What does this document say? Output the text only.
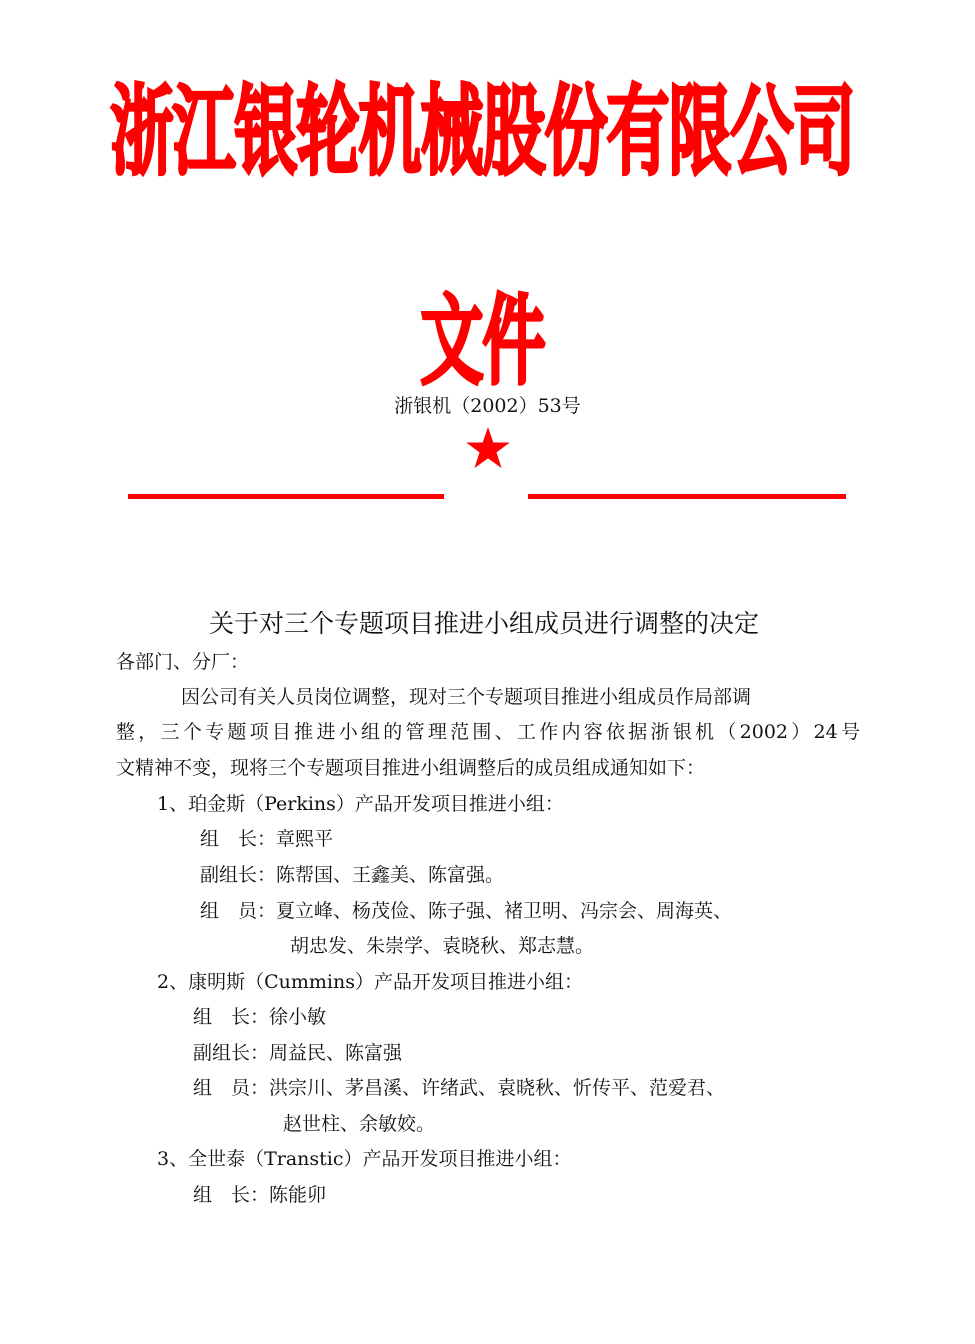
浙江银轮机械股份有限公司文件
浙银机（2002）53号
关于对三个专题项目推进小组成员进行调整的决定
各部门、分厂：
因公司有关人员岗位调整，现对三个专题项目推进小组成员作局部调
整，三个专题项目推进小组的管理范围、工作内容依据浙银机（2002）24号
文精神不变，现将三个专题项目推进小组调整后的成员组成通知如下：
1、珀金斯（Perkins）产品开发项目推进小组：
组　长：章熙平
副组长：陈帮国、王鑫美、陈富强。
组　员：夏立峰、杨茂俭、陈子强、褚卫明、冯宗会、周海英、
胡忠发、朱崇学、袁晓秋、郑志慧。
2、康明斯（Cummins）产品开发项目推进小组：
组　长：徐小敏
副组长：周益民、陈富强
组　员：洪宗川、茅昌溪、许绪武、袁晓秋、忻传平、范爱君、
赵世柱、余敏姣。
3、全世泰（Transtic）产品开发项目推进小组：
组　长：陈能卯
